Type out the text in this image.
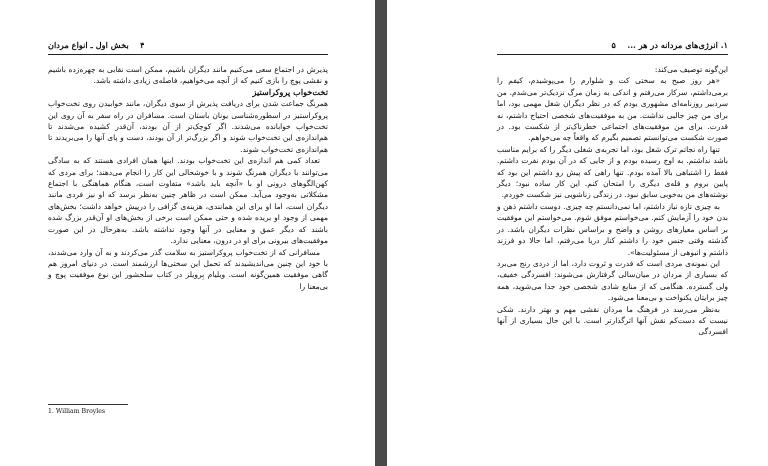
۴    بخش اول ـ انواع مردان

پذیرش در اجتماع سعی می‌کنیم مانند دیگران باشیم، ممکن است نقابی به چهره‌زده باشیم و نقشی پوچ را بازی کنیم که از آنچه می‌خواهیم، فاصله‌ی زیادی داشته باشد.

تخت‌خواب پروکراستیز

همرنگ جماعت شدن برای دریافت پذیرش از سوی دیگران، مانند خوابیدن روی تخت‌خواب پروکراستیز در اسطوره‌شناسی یونان باستان است. مسافران در راه سفر به آن روی این تخت‌خواب خوابانده می‌شدند. اگر کوچک‌تر از آن بودند، آن‌قدر کشیده می‌شدند تا هم‌اندازه‌ی این تخت‌خواب شوند و اگر بزرگ‌تر از آن بودند، دست و پای آنها را می‌بریدند تا هم‌اندازه‌ی تخت‌خواب شوند.

تعداد کمی هم اندازه‌ی این تخت‌خواب بودند. اینها همان افرادی هستند که به سادگی می‌توانند با دیگران همرنگ شوند و با خوشحالی این کار را انجام می‌دهند؛ برای مردی که کهن‌الگوهای درونی او با «آنچه باید باشد» متفاوت است، هنگام هماهنگی با اجتماع مشکلاتی به‌وجود می‌آید. ممکن است در ظاهر چنین به‌نظر برسد که او نیز فردی مانند دیگران است، اما او برای این همانندی، هزینه‌ی گزافی را درپیش خواهد داشت؛ بخش‌های مهمی از وجود او بریده شده و حتی ممکن است برخی از بخش‌های او آن‌قدر بزرگ شده باشند که دیگر عمق و معنایی در آنها وجود نداشته باشد. به‌هرحال در این صورت موفقیت‌های بیرونی برای او در درون، معنایی ندارد.

مسافرانی که از تخت‌خواب پروکراستیز به سلامت گذر می‌کردند و به آن وارد می‌شدند، با خود این چنین می‌اندیشیدند که تحمل این سختی‌ها ارزشمند است. در دنیای امروز هم گاهی موفقیت همین‌گونه است. ویلیام بِرویلز در کتاب سلحشور این نوع موفقیت پوچ و بی‌معنا را

1. William Broyles
۱. انرژی‌های مردانه در هر ...    ۵

این‌گونه توصیف می‌کند:

«هر روز صبح به سختی کت و شلوارم را می‌پوشیدم، کیفم را برمی‌داشتم، سرکار می‌رفتم و اندکی به زمان مرگ نزدیک‌تر می‌شدم. من سردبیر روزنامه‌ای مشهوری بودم که در نظر دیگران شغل مهمی بود، اما برای من چیز جالبی نداشت. من به موفقیت‌های شخصی احتیاج داشتم، نه قدرت. برای من موفقیت‌های اجتماعی خطرناک‌تر از شکست بود. در صورت شکست می‌توانستم تصمیم بگیرم که واقعاً چه می‌خواهم.

تنها راه نجاتم ترک شغل بود، اما تجربه‌ی شغلی دیگر را که برایم مناسب باشد نداشتم. به اوج رسیده بودم و از جایی که در آن بودم نفرت داشتم. فقط را اشتباهی بالا آمده بودم. تنها راهی که پیش رو داشتم این بود که پایین بروم و قله‌ی دیگری را امتحان کنم. این کار ساده نبود؛ دیگر نوشته‌های من به‌خوبی سابق نبود. در زندگی زناشویی نیز شکست خوردم.

به چیزی تازه نیاز داشتم، اما نمی‌دانستم چه چیزی. دوست داشتم ذهن و بدن خود را آزمایش کنم. می‌خواستم موفق شوم. می‌خواستم این موفقیت بر اساس معیارهای روشن و واضح و براساس نظرات دیگران باشد. در گذشته وقتی جنس خود را داشتم کنار دریا می‌رفتم، اما حالا دو فرزند داشتم و انبوهی از مسئولیت‌ها».

این نمونه‌ی مردی است که قدرت و ثروت دارد، اما از دردی رنج می‌برد که بسیاری از مردان در میان‌سالی گرفتارش می‌شوند: افسردگی خفیف، ولی گسترده. هنگامی که از منابع شادی شخصی خود جدا می‌شوید، همه چیز برایتان یکنواخت و بی‌معنا می‌شود.

به‌نظر می‌رسد در فرهنگ ما مردان نقشی مهم و بهتر دارند. شکی نیست که دست‌کم نقش آنها اثرگذارتر است. با این حال بسیاری از آنها افسردگی
